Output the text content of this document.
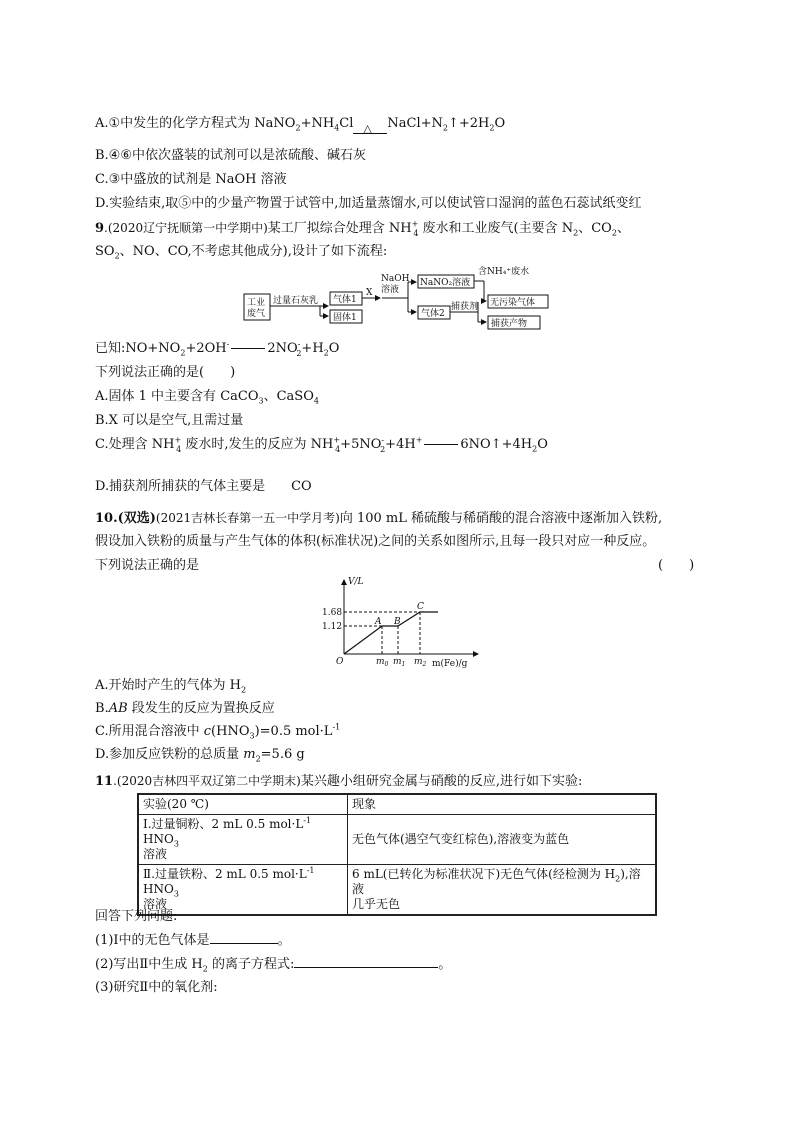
A.①中发生的化学方程式为 $NaNO_2+NH_4Cl$ △ $NaCl+N_2↑+2H_2O$
B.④⑥中依次盛装的试剂可以是浓硫酸、碱石灰
C.③中盛放的试剂是 NaOH 溶液
D.实验结束,取⑤中的少量产物置于试管中,加适量蒸馏水,可以使试管口湿润的蓝色石蕊试纸变红
9.(2020辽宁抚顺第一中学期中)某工厂拟综合处理含 $NH^+_4$ 废水和工业废气(主要含 $N_2$、$CO_2$、
$SO_2$、NO、CO,不考虑其他成分),设计了如下流程:
工业
废气
过量石灰乳 气体1
固体1
X
NaOH
溶液
NaNO₂溶液
含NH₄⁺废水
无污染气体
气体2
捕获剂
捕获产物
已知$:NO+NO_2+2OH^-$	$2NO^-_2+H_2O$
下列说法正确的是(　　)
A.固体 1 中主要含有 CaCO$_3$、CaSO$_4$
B.X 可以是空气,且需过量
C.处理含 $NH^+_4$ 废水时,发生的反应为 $NH^+_4+5NO^-_2+4H^+$	$6NO↑+4H_2O$
D.捕获剂所捕获的气体主要是 CO
10.(双选)(2021吉林长春第一五一中学月考)向 100 mL 稀硫酸与稀硝酸的混合溶液中逐渐加入铁粉,
假设加入铁粉的质量与产生气体的体积(标准状况)之间的关系如图所示,且每一段只对应一种反应。
下列说法正确的是	(　　)
V/L
m(Fe)/g
O
1.68
1.12	A B
C
$m_0$ $m_1$ $m_2$
A.开始时产生的气体为 $H_2$
B.AB 段发生的反应为置换反应
C.所用混合溶液中 $c(HNO_3)=0.5$ $mol\cdot L^{-1}$
D.参加反应铁粉的总质量 $m_2=5.6$ g
11.(2020吉林四平双辽第二中学期末)某兴趣小组研究金属与硝酸的反应,进行如下实验:
实验(20 ℃)	现象
Ⅰ.过量铜粉、2 mL 0.5 $mol\cdot L^{-1}$ $HNO_3$
溶液	无色气体(遇空气变红棕色),溶液变为蓝色
Ⅱ.过量铁粉、2 mL 0.5 $mol\cdot L^{-1}$ $HNO_3$
溶液	6 mL(已转化为标准状况下)无色气体(经检测为 $H_2$),溶液
几乎无色
回答下列问题:
(1)Ⅰ中的无色气体是	。
(2)写出Ⅱ中生成 $H_2$ 的离子方程式:	。
(3)研究Ⅱ中的氧化剂:
